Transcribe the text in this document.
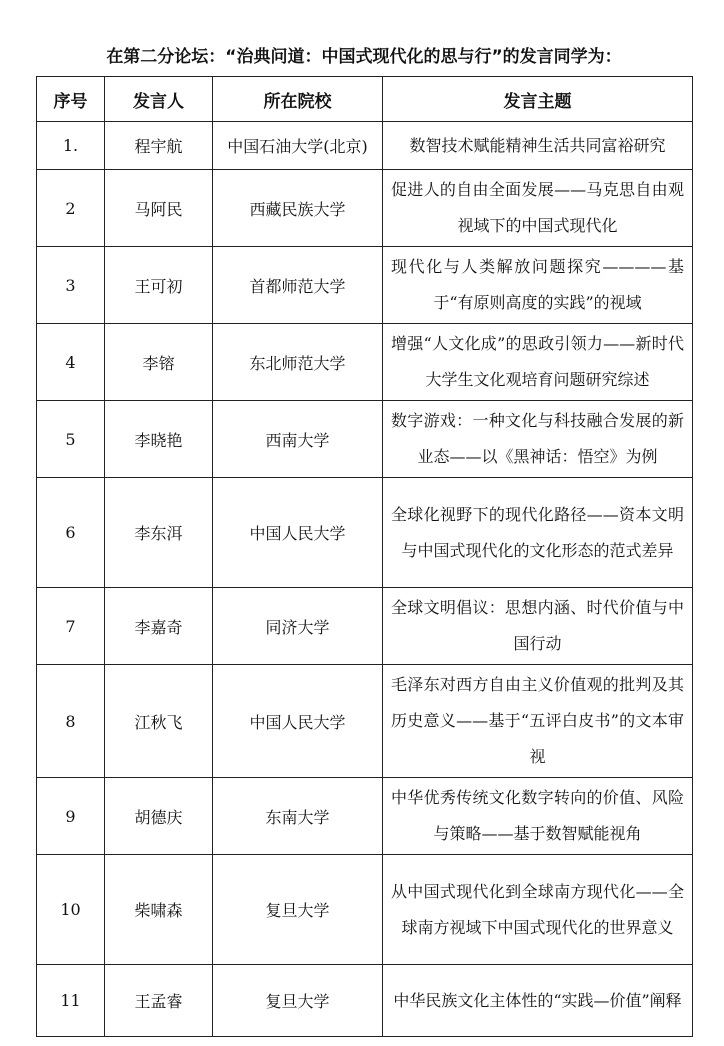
在第二分论坛：“治典问道：中国式现代化的思与行”的发言同学为：
序号	发言人	所在院校	发言主题
1.	程宇航	中国石油大学(北京)	数智技术赋能精神生活共同富裕研究
2	马阿民	西藏民族大学	促进人的自由全面发展——马克思自由观视域下的中国式现代化
3	王可初	首都师范大学	现代化与人类解放问题探究————基于“有原则高度的实践”的视域
4	李镕	东北师范大学	增强“人文化成”的思政引领力——新时代大学生文化观培育问题研究综述
5	李晓艳	西南大学	数字游戏：一种文化与科技融合发展的新业态——以《黑神话：悟空》为例
6	李东洱	中国人民大学	全球化视野下的现代化路径——资本文明与中国式现代化的文化形态的范式差异
7	李嘉奇	同济大学	全球文明倡议：思想内涵、时代价值与中国行动
8	江秋飞	中国人民大学	毛泽东对西方自由主义价值观的批判及其历史意义——基于“五评白皮书”的文本审视
9	胡德庆	东南大学	中华优秀传统文化数字转向的价值、风险与策略——基于数智赋能视角
10	柴啸森	复旦大学	从中国式现代化到全球南方现代化——全球南方视域下中国式现代化的世界意义
11	王孟睿	复旦大学	中华民族文化主体性的“实践—价值”阐释
